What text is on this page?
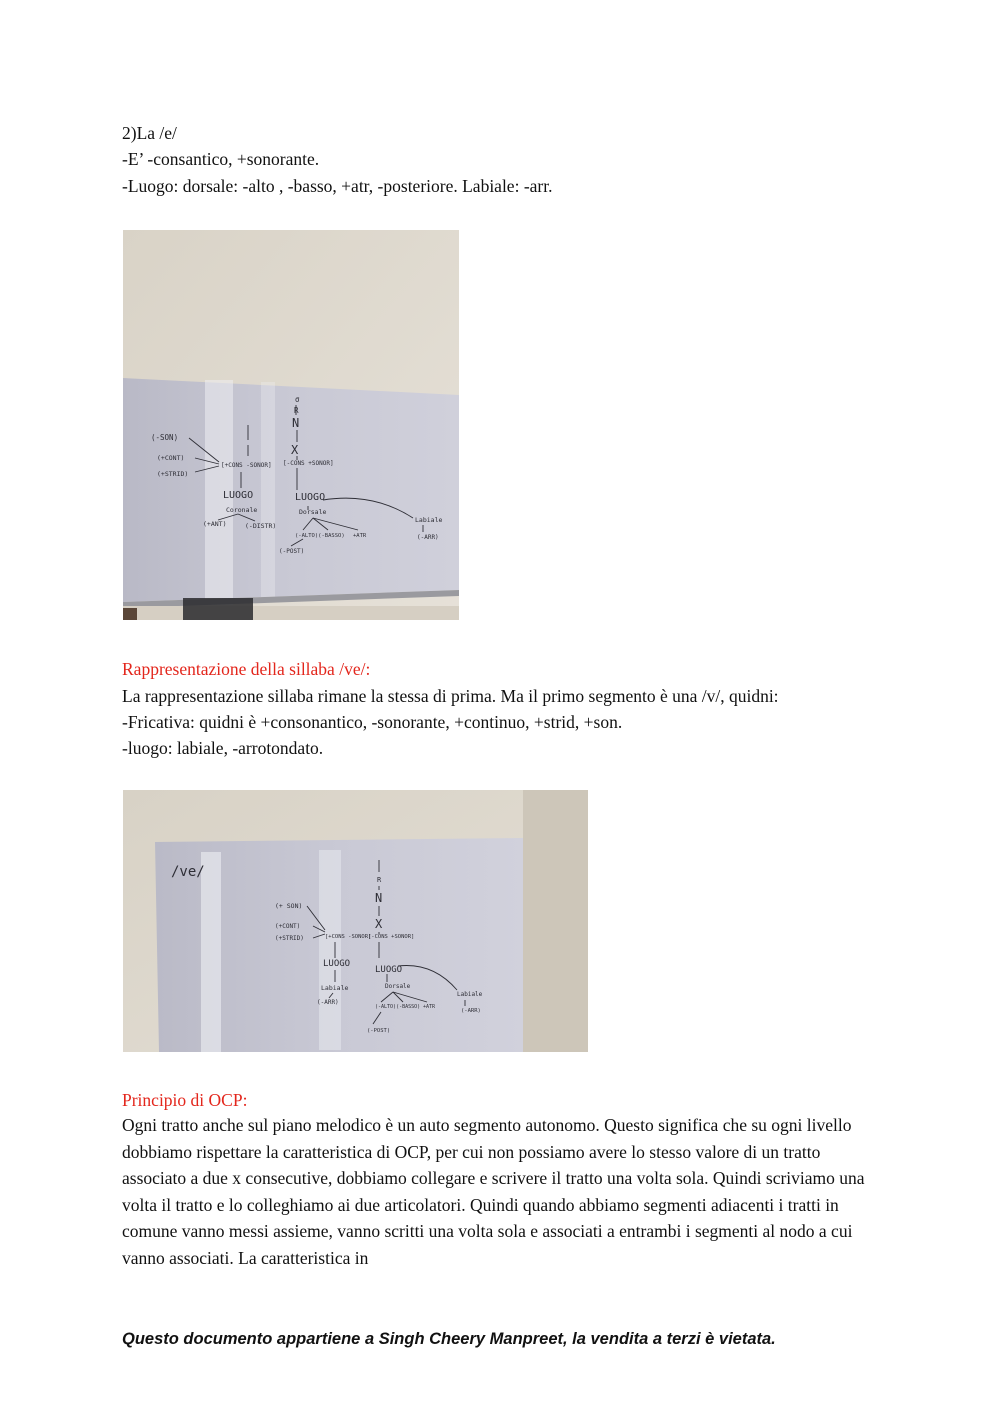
2)La /e/
-E’ -consantico, +sonorante.
-Luogo: dorsale: -alto , -basso, +atr, -posteriore. Labiale: -arr.
σ
N
X
R
(-SON)
(+CONT)
(+STRID)
[+CONS -SONOR] [-CONS +SONOR]
LUOGO	LUOGO
Coronale
(+ANT)	(-DISTR)
Dorsale
(-ALTO)(-BASSO) +ATR
(-POST)
Labiale
(-ARR)
Rappresentazione della sillaba /ve/:
La rappresentazione sillaba rimane la stessa di prima. Ma il primo segmento è una /v/, quidni:
-Fricativa: quidni è +consonantico, -sonorante, +continuo, +strid, +son.
-luogo: labiale, -arrotondato.
/ve/
N
X
R
(+ SON)
(+CONT)
(+STRID)	[+CONS -SONOR]
[-CONS +SONOR]
LUOGO
LUOGO
Labiale
(-ARR)
Dorsale
(-ALTO)(-BASSO) +ATR
(-POST)
Labiale
(-ARR)
Principio di OCP:
Ogni tratto anche sul piano melodico è un auto segmento autonomo. Questo significa che su ogni livello dobbiamo rispettare la caratteristica di OCP, per cui non possiamo avere lo stesso valore di un tratto associato a due x consecutive, dobbiamo collegare e scrivere il tratto una volta sola. Quindi scriviamo una volta il tratto e lo colleghiamo ai due articolatori. Quindi quando abbiamo segmenti adiacenti i tratti in comune vanno messi assieme, vanno scritti una volta sola e associati a entrambi i segmenti al nodo a cui vanno associati. La caratteristica in
Questo documento appartiene a Singh Cheery Manpreet, la vendita a terzi è vietata.
